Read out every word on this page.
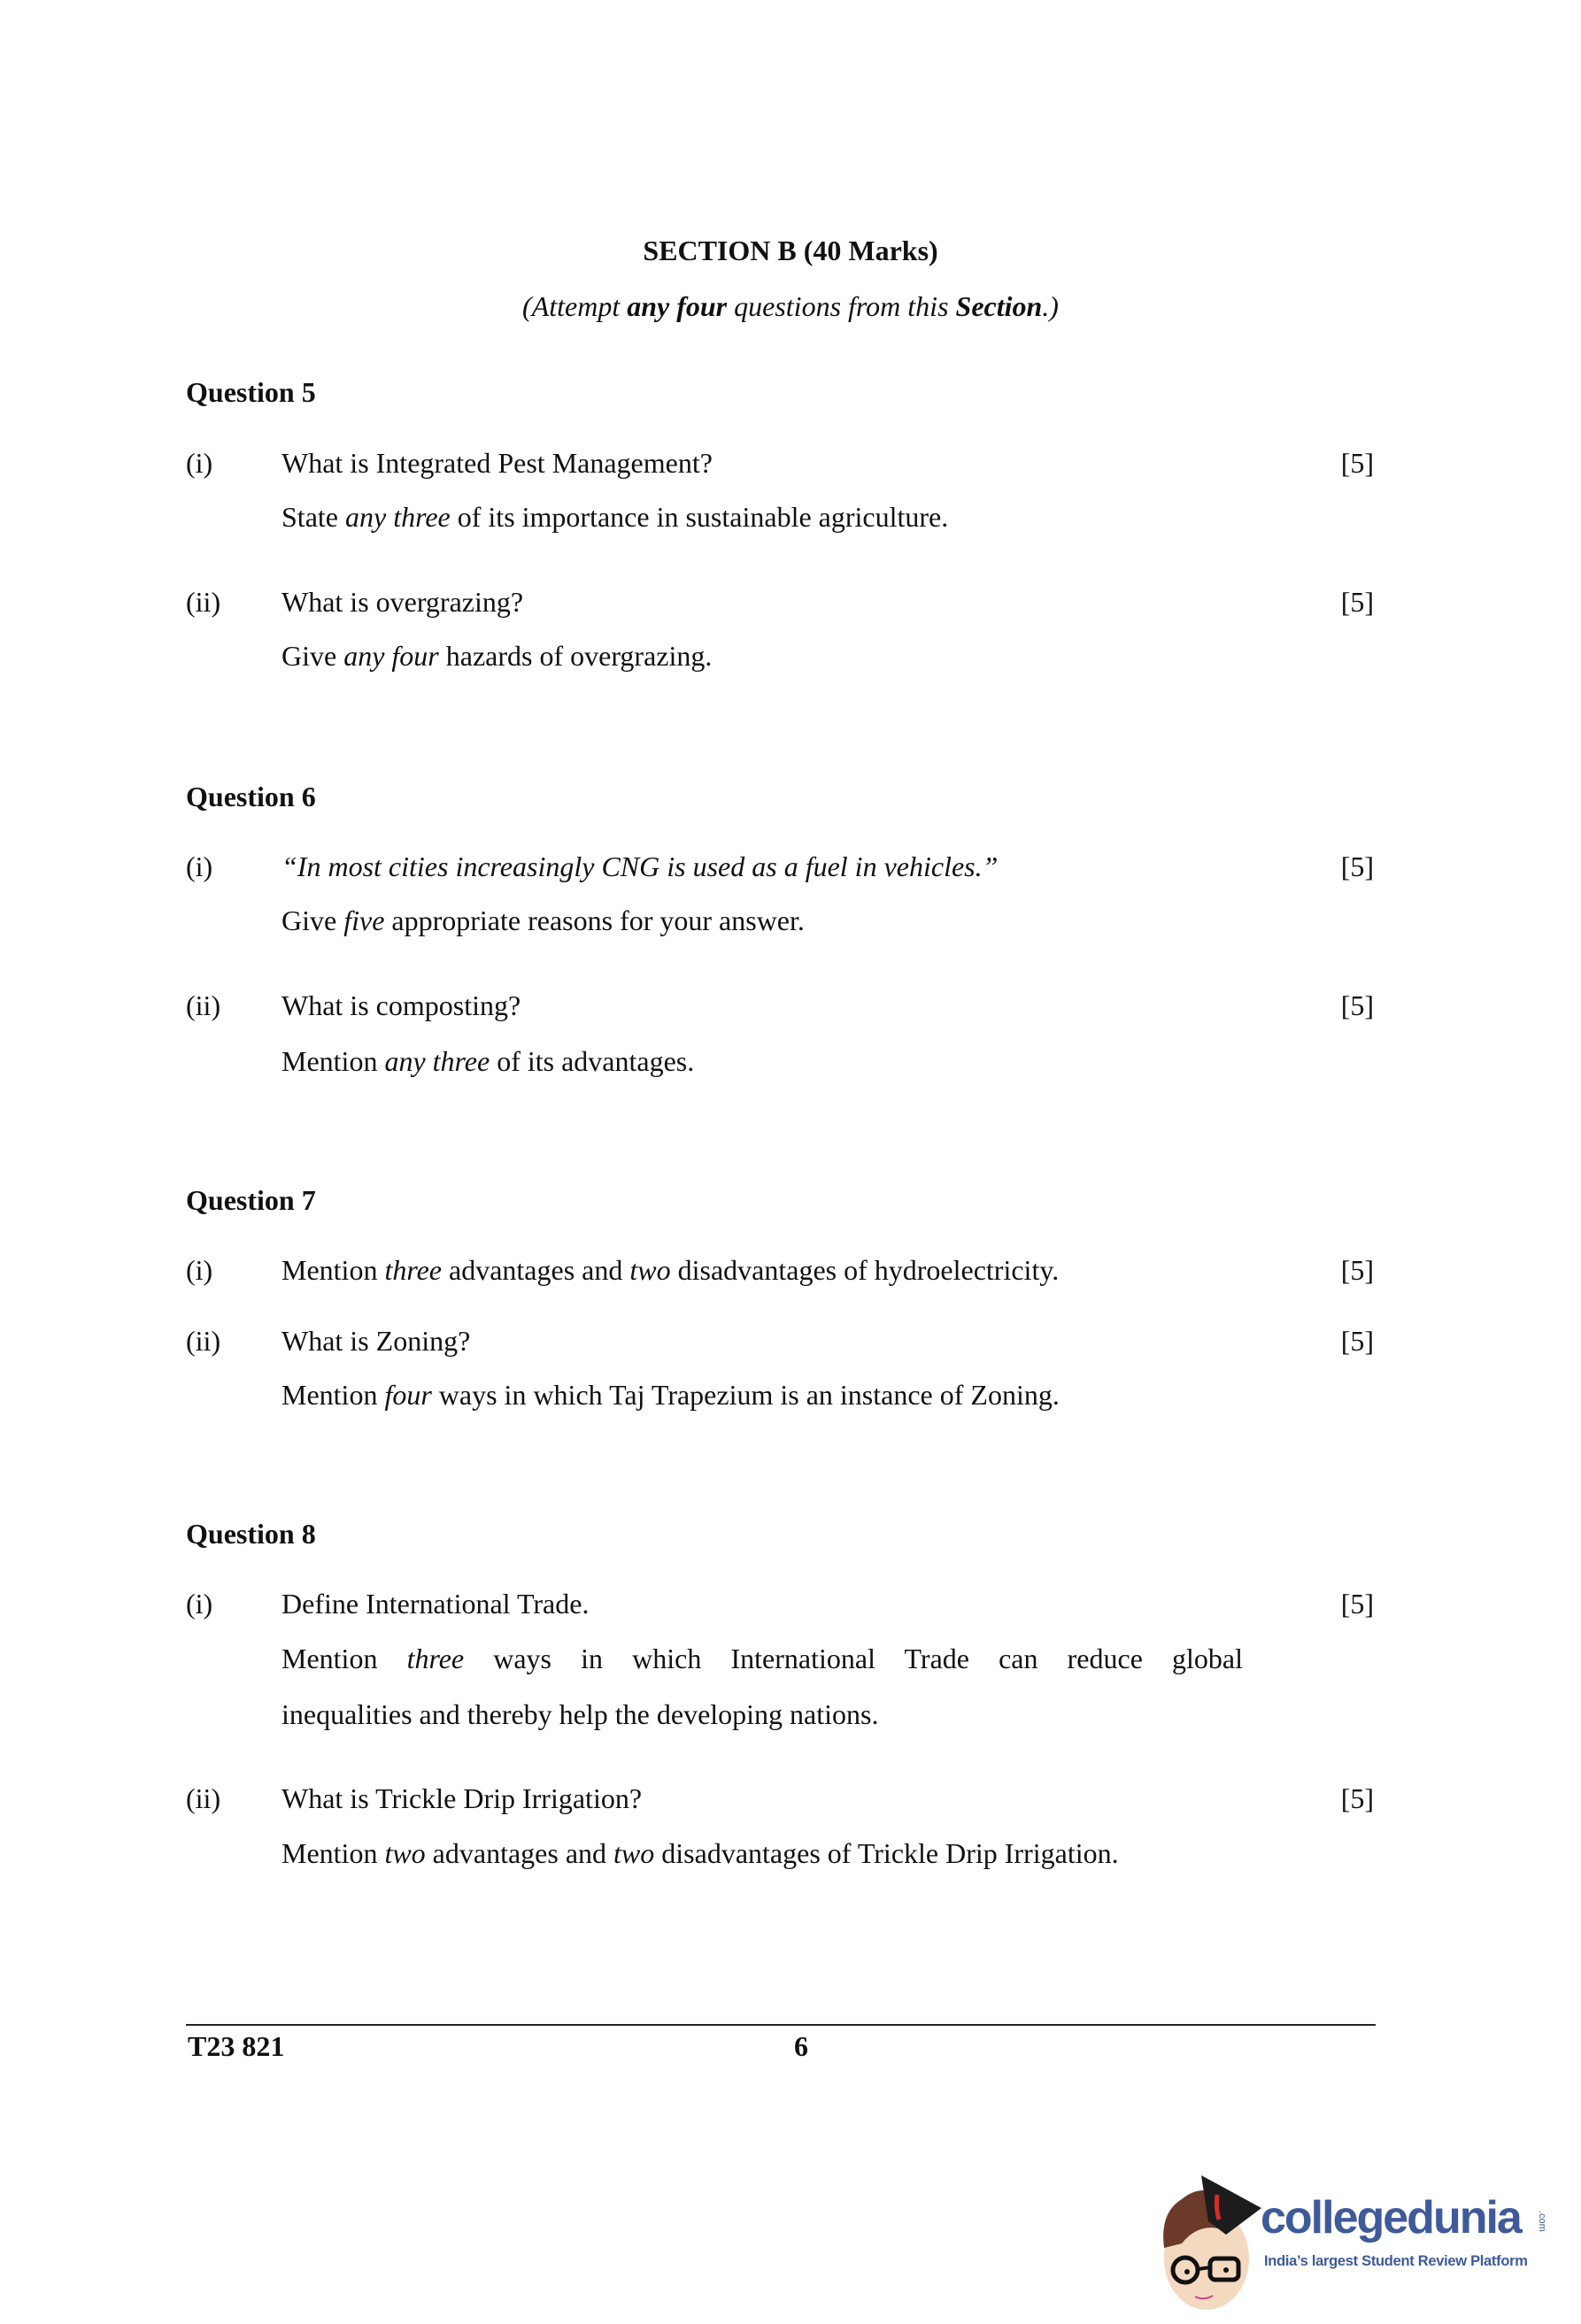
SECTION B (40 Marks)
(Attempt any four questions from this Section.)
Question 5
(i)	[5]
What is Integrated Pest Management?
State any three of its importance in sustainable agriculture.
(ii)	[5]
What is overgrazing?
Give any four hazards of overgrazing.
Question 6
(i)	[5]
“In most cities increasingly CNG is used as a fuel in vehicles.”
Give five appropriate reasons for your answer.
(ii)	[5]
What is composting?
Mention any three of its advantages.
Question 7
(i)	[5]
Mention three advantages and two disadvantages of hydroelectricity.
(ii)	[5]
What is Zoning?
Mention four ways in which Taj Trapezium is an instance of Zoning.
Question 8
(i)	[5]
Define International Trade.
Mention three ways in which International Trade can reduce global
inequalities and thereby help the developing nations.
(ii)	[5]
What is Trickle Drip Irrigation?
Mention two advantages and two disadvantages of Trickle Drip Irrigation.
T23 821	6
collegedunia .com
India’s largest Student Review Platform
